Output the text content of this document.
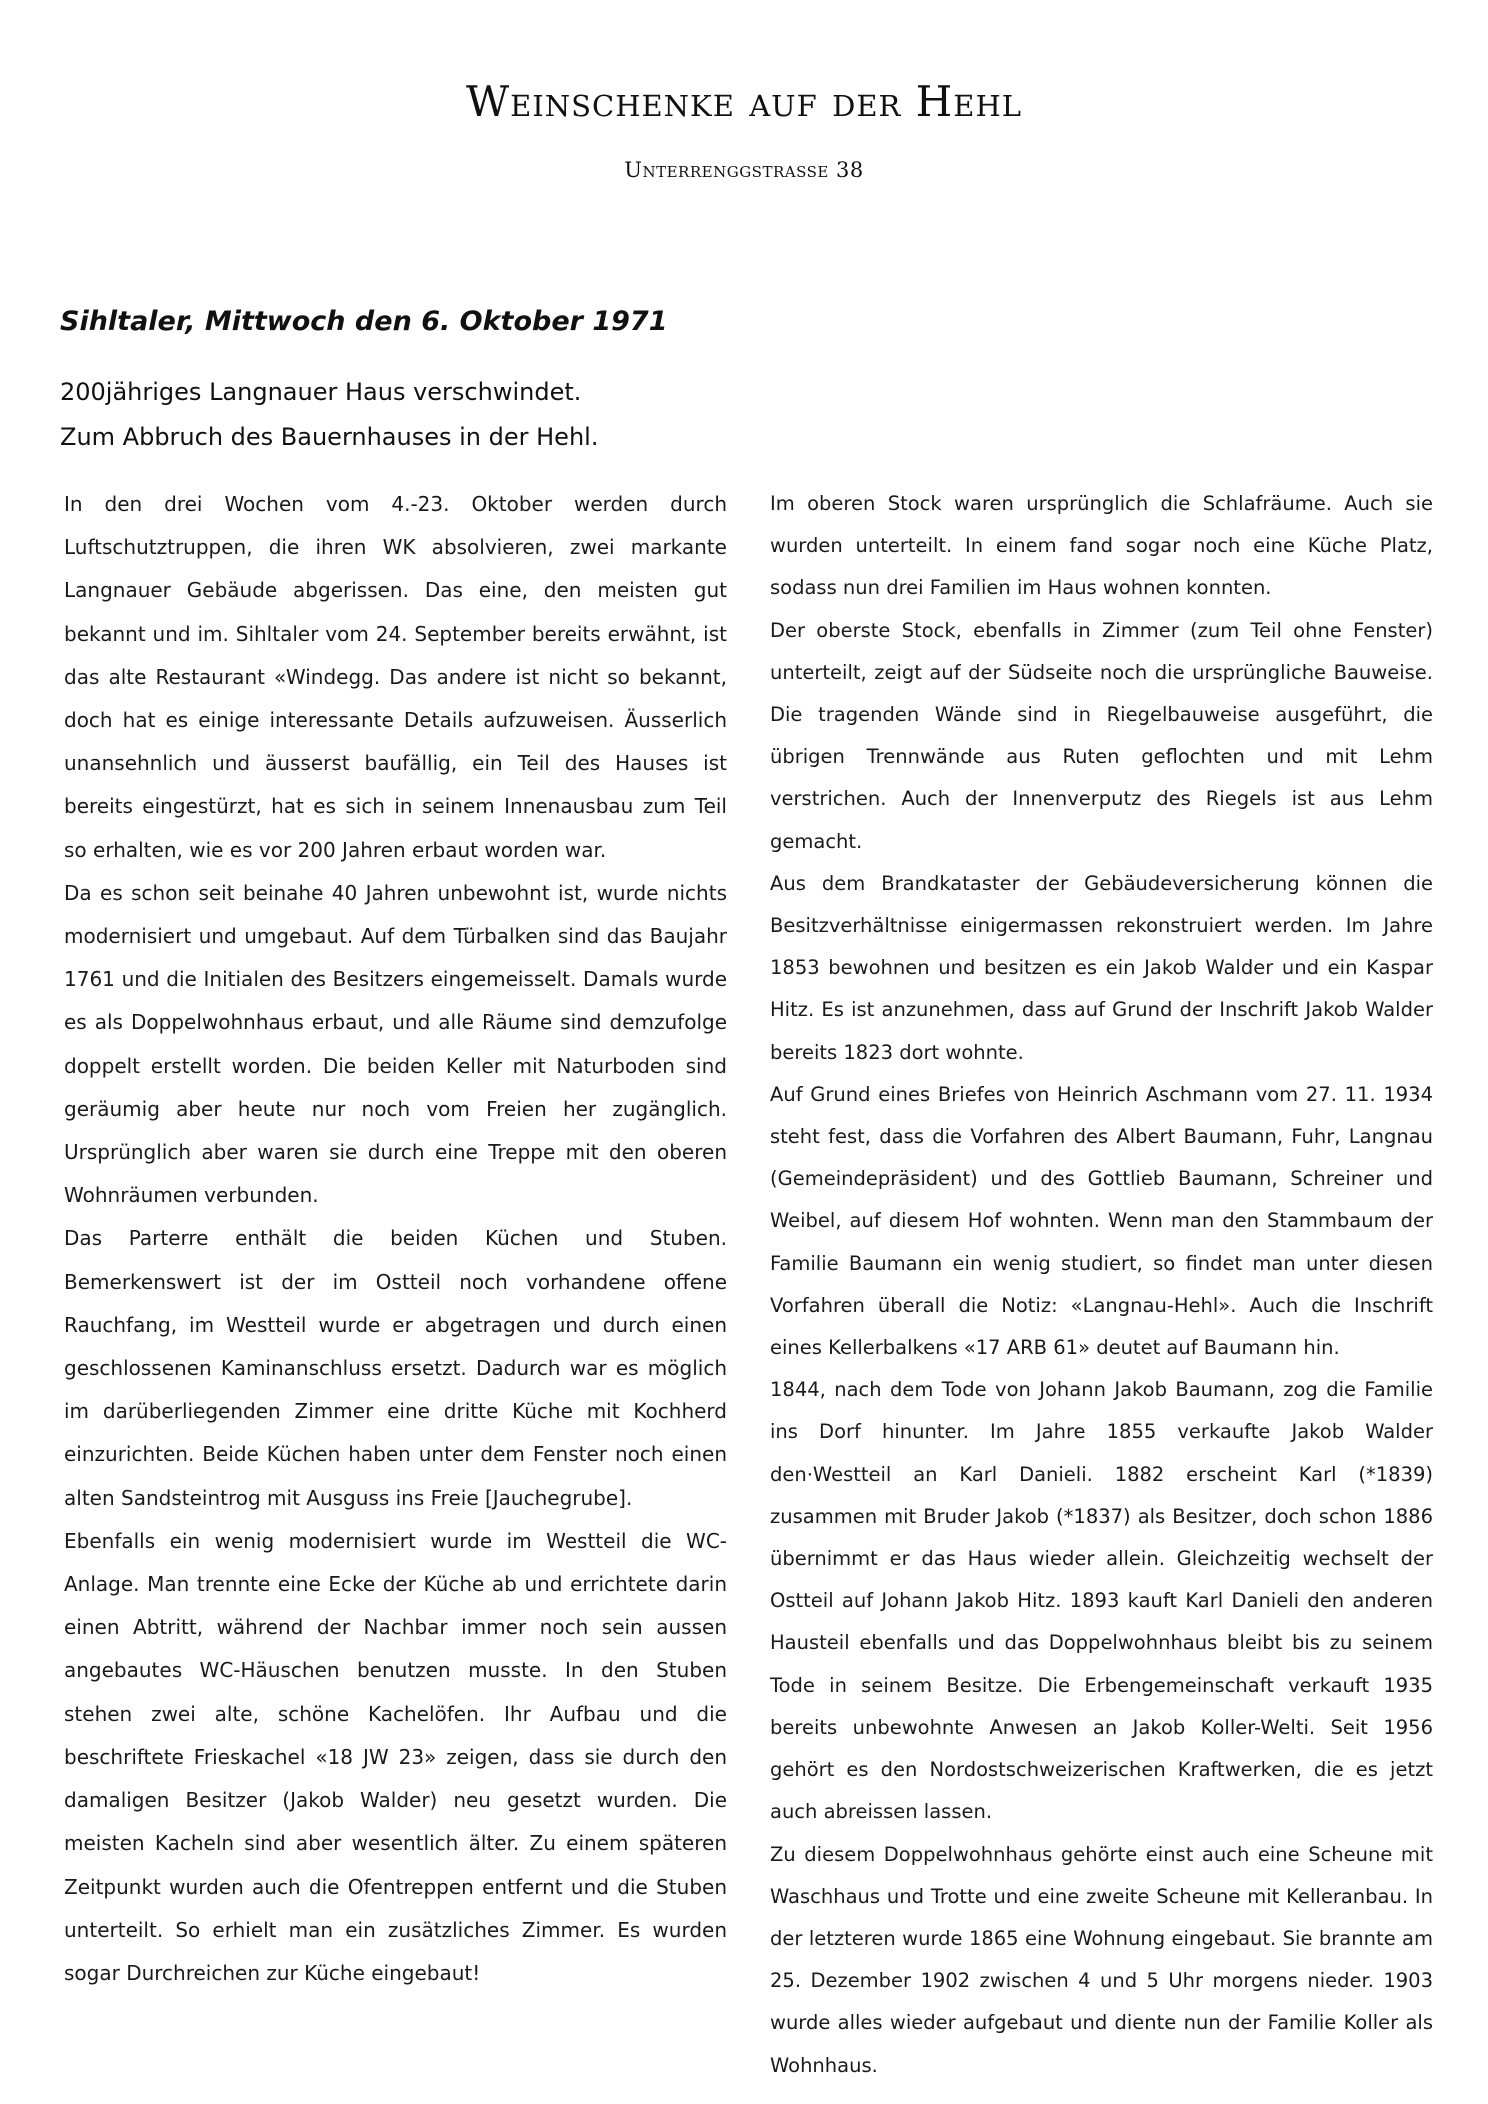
Weinschenke auf der Hehl
Unterrenggstrasse 38
Sihltaler, Mittwoch den 6. Oktober 1971
200jähriges Langnauer Haus verschwindet.
Zum Abbruch des Bauernhauses in der Hehl.

In den drei Wochen vom 4.-23. Oktober werden durch Luftschutztruppen, die ihren WK absolvieren, zwei markante Langnauer Gebäude abgerissen. Das eine, den meisten gut bekannt und im. Sihltaler vom 24. September bereits erwähnt, ist das alte Restaurant «Windegg. Das andere ist nicht so bekannt, doch hat es einige interessante Details aufzuweisen. Äusserlich unansehnlich und äusserst baufällig, ein Teil des Hauses ist bereits eingestürzt, hat es sich in seinem Innenausbau zum Teil so erhalten, wie es vor 200 Jahren erbaut worden war.

Da es schon seit beinahe 40 Jahren unbewohnt ist, wurde nichts modernisiert und umgebaut. Auf dem Türbalken sind das Baujahr 1761 und die Initialen des Besitzers eingemeisselt. Damals wurde es als Doppelwohnhaus erbaut, und alle Räume sind demzufolge doppelt erstellt worden. Die beiden Keller mit Naturboden sind geräumig aber heute nur noch vom Freien her zugänglich. Ursprünglich aber waren sie durch eine Treppe mit den oberen Wohnräumen verbunden.

Das Parterre enthält die beiden Küchen und Stuben. Bemerkenswert ist der im Ostteil noch vorhandene offene Rauchfang, im Westteil wurde er abgetragen und durch einen geschlossenen Kaminanschluss ersetzt. Dadurch war es möglich im darüberliegenden Zimmer eine dritte Küche mit Kochherd einzurichten. Beide Küchen haben unter dem Fenster noch einen alten Sandsteintrog mit Ausguss ins Freie [Jauchegrube].

Ebenfalls ein wenig modernisiert wurde im Westteil die WC-Anlage. Man trennte eine Ecke der Küche ab und errichtete darin einen Abtritt, während der Nachbar immer noch sein aussen angebautes WC-Häuschen benutzen musste. In den Stuben stehen zwei alte, schöne Kachelöfen. Ihr Aufbau und die beschriftete Frieskachel «18 JW 23» zeigen, dass sie durch den damaligen Besitzer (Jakob Walder) neu gesetzt wurden. Die meisten Kacheln sind aber wesentlich älter. Zu einem späteren Zeitpunkt wurden auch die Ofentreppen entfernt und die Stuben unterteilt. So erhielt man ein zusätzliches Zimmer. Es wurden sogar Durchreichen zur Küche eingebaut!

Im oberen Stock waren ursprünglich die Schlafräume. Auch sie wurden unterteilt. In einem fand sogar noch eine Küche Platz, sodass nun drei Familien im Haus wohnen konnten.

Der oberste Stock, ebenfalls in Zimmer (zum Teil ohne Fenster) unterteilt, zeigt auf der Südseite noch die ursprüngliche Bauweise. Die tragenden Wände sind in Riegelbauweise ausgeführt, die übrigen Trennwände aus Ruten geflochten und mit Lehm verstrichen. Auch der Innenverputz des Riegels ist aus Lehm gemacht.

Aus dem Brandkataster der Gebäudeversicherung können die Besitzverhältnisse einigermassen rekonstruiert werden. Im Jahre 1853 bewohnen und besitzen es ein Jakob Walder und ein Kaspar Hitz. Es ist anzunehmen, dass auf Grund der Inschrift Jakob Walder bereits 1823 dort wohnte.

Auf Grund eines Briefes von Heinrich Aschmann vom 27. 11. 1934 steht fest, dass die Vorfahren des Albert Baumann, Fuhr, Langnau (Gemeindepräsident) und des Gottlieb Baumann, Schreiner und Weibel, auf diesem Hof wohnten. Wenn man den Stammbaum der Familie Baumann ein wenig studiert, so findet man unter diesen Vorfahren überall die Notiz: «Langnau-Hehl». Auch die Inschrift eines Kellerbalkens «17 ARB 61» deutet auf Baumann hin.

1844, nach dem Tode von Johann Jakob Baumann, zog die Familie ins Dorf hinunter. Im Jahre 1855 verkaufte Jakob Walder den·Westteil an Karl Danieli. 1882 erscheint Karl (*1839) zusammen mit Bruder Jakob (*1837) als Besitzer, doch schon 1886 übernimmt er das Haus wieder allein. Gleichzeitig wechselt der Ostteil auf Johann Jakob Hitz. 1893 kauft Karl Danieli den anderen Hausteil ebenfalls und das Doppelwohnhaus bleibt bis zu seinem Tode in seinem Besitze. Die Erbengemeinschaft verkauft 1935 bereits unbewohnte Anwesen an Jakob Koller-Welti. Seit 1956 gehört es den Nordostschweizerischen Kraftwerken, die es jetzt auch abreissen lassen.

Zu diesem Doppelwohnhaus gehörte einst auch eine Scheune mit Waschhaus und Trotte und eine zweite Scheune mit Kelleranbau. In der letzteren wurde 1865 eine Wohnung eingebaut. Sie brannte am 25. Dezember 1902 zwischen 4 und 5 Uhr morgens nieder. 1903 wurde alles wieder aufgebaut und diente nun der Familie Koller als Wohnhaus.
